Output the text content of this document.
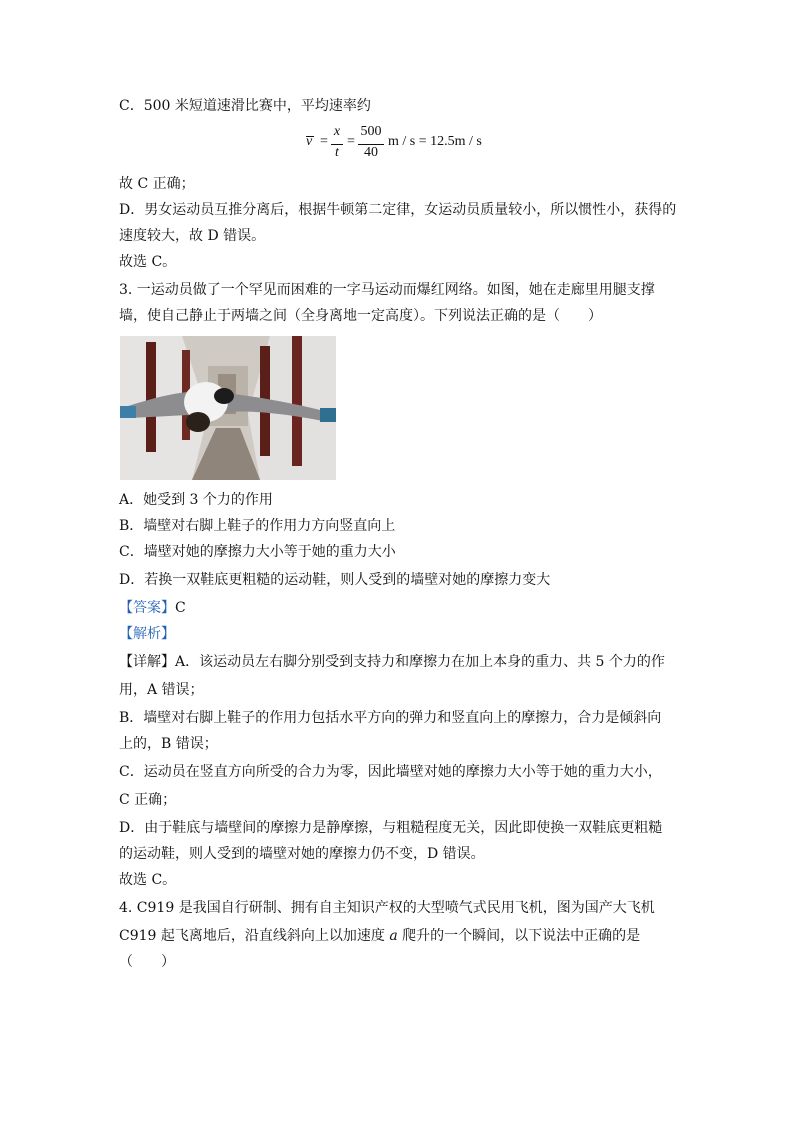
C．500 米短道速滑比赛中，平均速率约
v =
x
t
=
500
40
m / s = 12.5m / s
故 C 正确；
D．男女运动员互推分离后，根据牛顿第二定律，女运动员质量较小，所以惯性小，获得的
速度较大，故 D 错误。
故选 C。
3. 一运动员做了一个罕见而困难的一字马运动而爆红网络。如图，她在走廊里用腿支撑
墙，使自己静止于两墙之间（全身离地一定高度）。下列说法正确的是（　　）
A．她受到 3 个力的作用
B．墙壁对右脚上鞋子的作用力方向竖直向上
C．墙壁对她的摩擦力大小等于她的重力大小
D．若换一双鞋底更粗糙的运动鞋，则人受到的墙壁对她的摩擦力变大
【答案】C
【解析】
【详解】A．该运动员左右脚分别受到支持力和摩擦力在加上本身的重力、共 5 个力的作
用，A 错误；
B．墙壁对右脚上鞋子的作用力包括水平方向的弹力和竖直向上的摩擦力，合力是倾斜向
上的，B 错误；
C．运动员在竖直方向所受的合力为零，因此墙壁对她的摩擦力大小等于她的重力大小，
C 正确；
D．由于鞋底与墙壁间的摩擦力是静摩擦，与粗糙程度无关，因此即使换一双鞋底更粗糙
的运动鞋，则人受到的墙壁对她的摩擦力仍不变，D 错误。
故选 C。
4. C919 是我国自行研制、拥有自主知识产权的大型喷气式民用飞机，图为国产大飞机
C919 起飞离地后，沿直线斜向上以加速度 a 爬升的一个瞬间，以下说法中正确的是
（　　）
